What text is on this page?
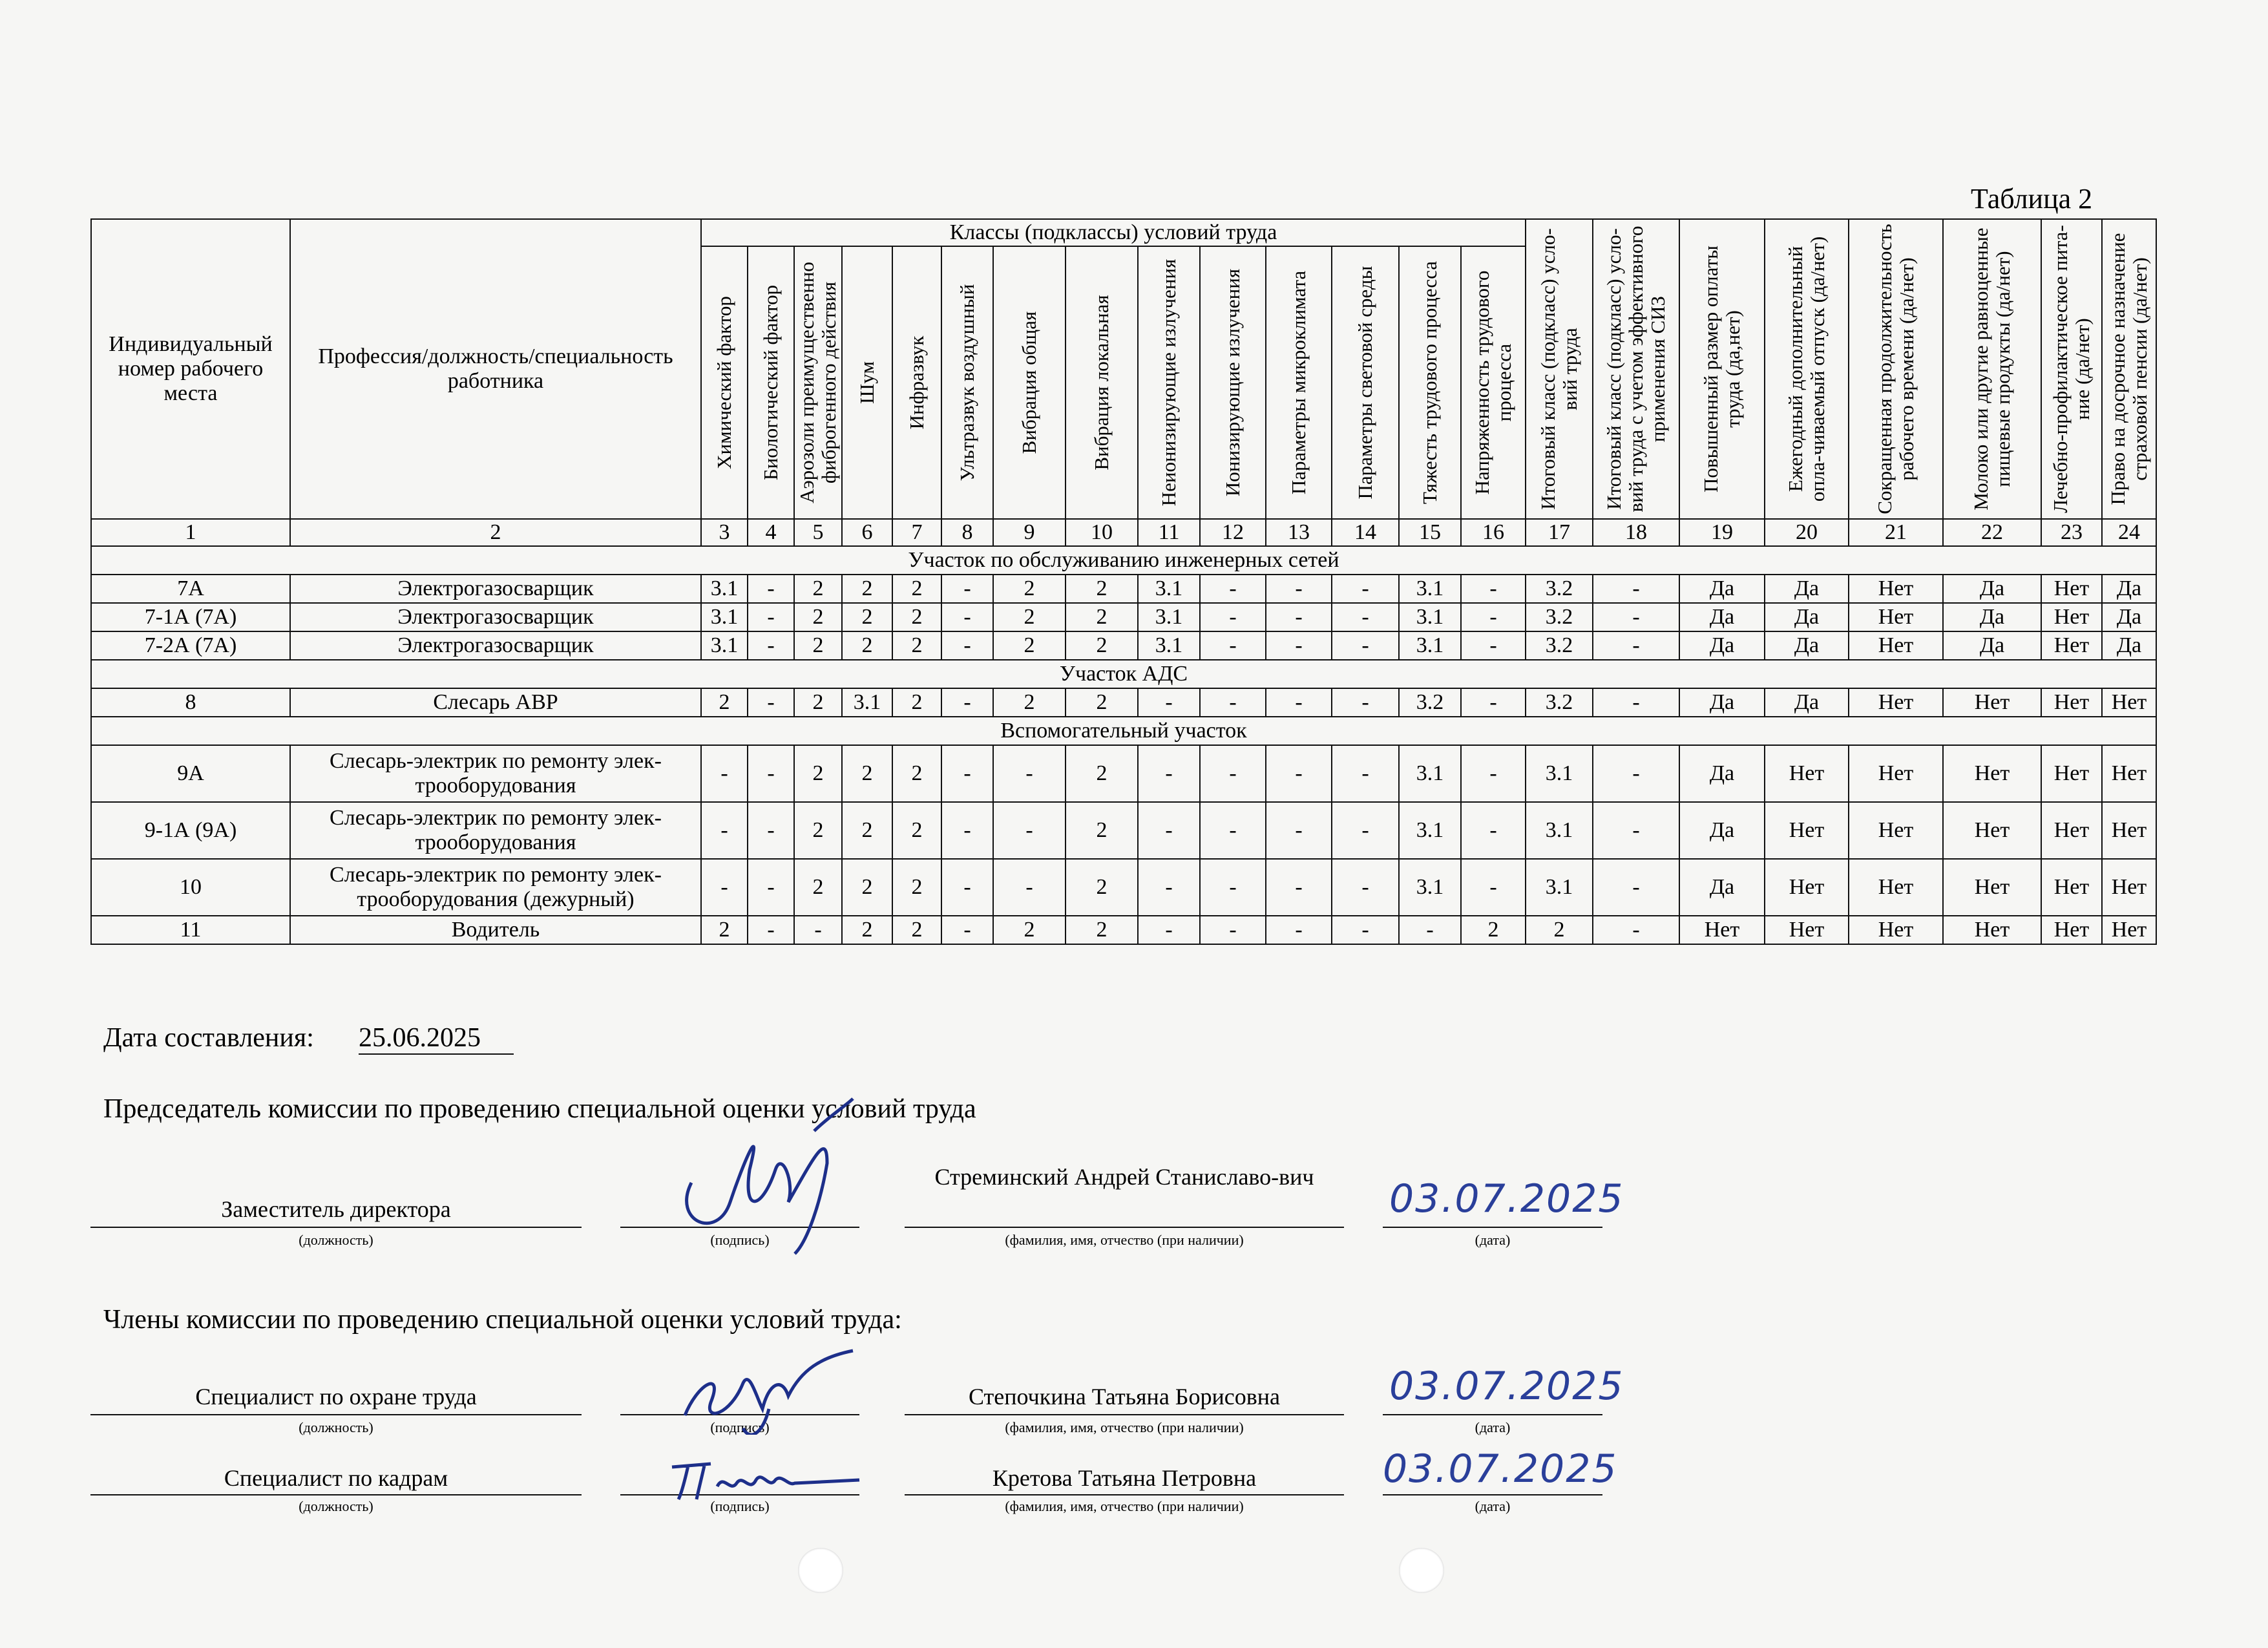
Таблица 2
Индивидуальный номер рабочего места	Профессия/должность/специальность работника	Классы (подклассы) условий труда														Итоговый класс (подкласс) усло-вий труда	Итоговый класс (подкласс) усло-вий труда с учетом эффективного применения СИЗ	Повышенный размер оплаты труда (да,нет)	Ежегодный дополнительный опла-чиваемый отпуск (да/нет)	Сокращенная продолжительность рабочего времени (да/нет)	Молоко или другие равноценные пищевые продукты (да/нет)	Лечебно-профилактическое пита-ние (да/нет)	Право на досрочное назначение страховой пенсии (да/нет)

		Химический фактор	Биологический фактор	Аэрозоли преимущественно фиброгенного действия	Шум	Инфразвук	Ультразвук воздушный	Вибрация общая	Вибрация локальная	Неионизирующие излучения	Ионизирующие излучения	Параметры микроклимата	Параметры световой среды	Тяжесть трудового процесса	Напряженность трудового процесса								

1	2	3	4	5	6	7	8	9	10	11	12	13	14	15	16	17	18	19	20	21	22	23	24
Участок по обслуживанию инженерных сетей																							
7А	Электрогазосварщик	3.1	-	2	2	2	-	2	2	3.1	-	-	-	3.1	-	3.2	-	Да	Да	Нет	Да	Нет	Да
7-1А (7А)	Электрогазосварщик	3.1	-	2	2	2	-	2	2	3.1	-	-	-	3.1	-	3.2	-	Да	Да	Нет	Да	Нет	Да
7-2А (7А)	Электрогазосварщик	3.1	-	2	2	2	-	2	2	3.1	-	-	-	3.1	-	3.2	-	Да	Да	Нет	Да	Нет	Да
Участок АДС																							
8	Слесарь АВР	2	-	2	3.1	2	-	2	2	-	-	-	-	3.2	-	3.2	-	Да	Да	Нет	Нет	Нет	Нет
Вспомогательный участок																							
9А	Слесарь-электрик по ремонту элек-трооборудования	-	-	2	2	2	-	-	2	-	-	-	-	3.1	-	3.1	-	Да	Нет	Нет	Нет	Нет	Нет
9-1А (9А)	Слесарь-электрик по ремонту элек-трооборудования	-	-	2	2	2	-	-	2	-	-	-	-	3.1	-	3.1	-	Да	Нет	Нет	Нет	Нет	Нет
10	Слесарь-электрик по ремонту элек-трооборудования (дежурный)	-	-	2	2	2	-	-	2	-	-	-	-	3.1	-	3.1	-	Да	Нет	Нет	Нет	Нет	Нет
11	Водитель	2	-	-	2	2	-	2	2	-	-	-	-	-	2	2	-	Нет	Нет	Нет	Нет	Нет	Нет
Дата составления: 25.06.2025
Председатель комиссии по проведению специальной оценки условий труда
Члены комиссии по проведению специальной оценки условий труда:
Заместитель директора
(должность)	(подпись)
Стреминский Андрей Станиславо-вич
(фамилия, имя, отчество (при наличии)
03.07.2025
(дата)
Специалист по охране труда
(должность)	(подпись)
Степочкина Татьяна Борисовна
(фамилия, имя, отчество (при наличии)
03.07.2025
(дата)
Специалист по кадрам
(должность)	(подпись)
Кретова Татьяна Петровна
(фамилия, имя, отчество (при наличии)
03.07.2025
(дата)
